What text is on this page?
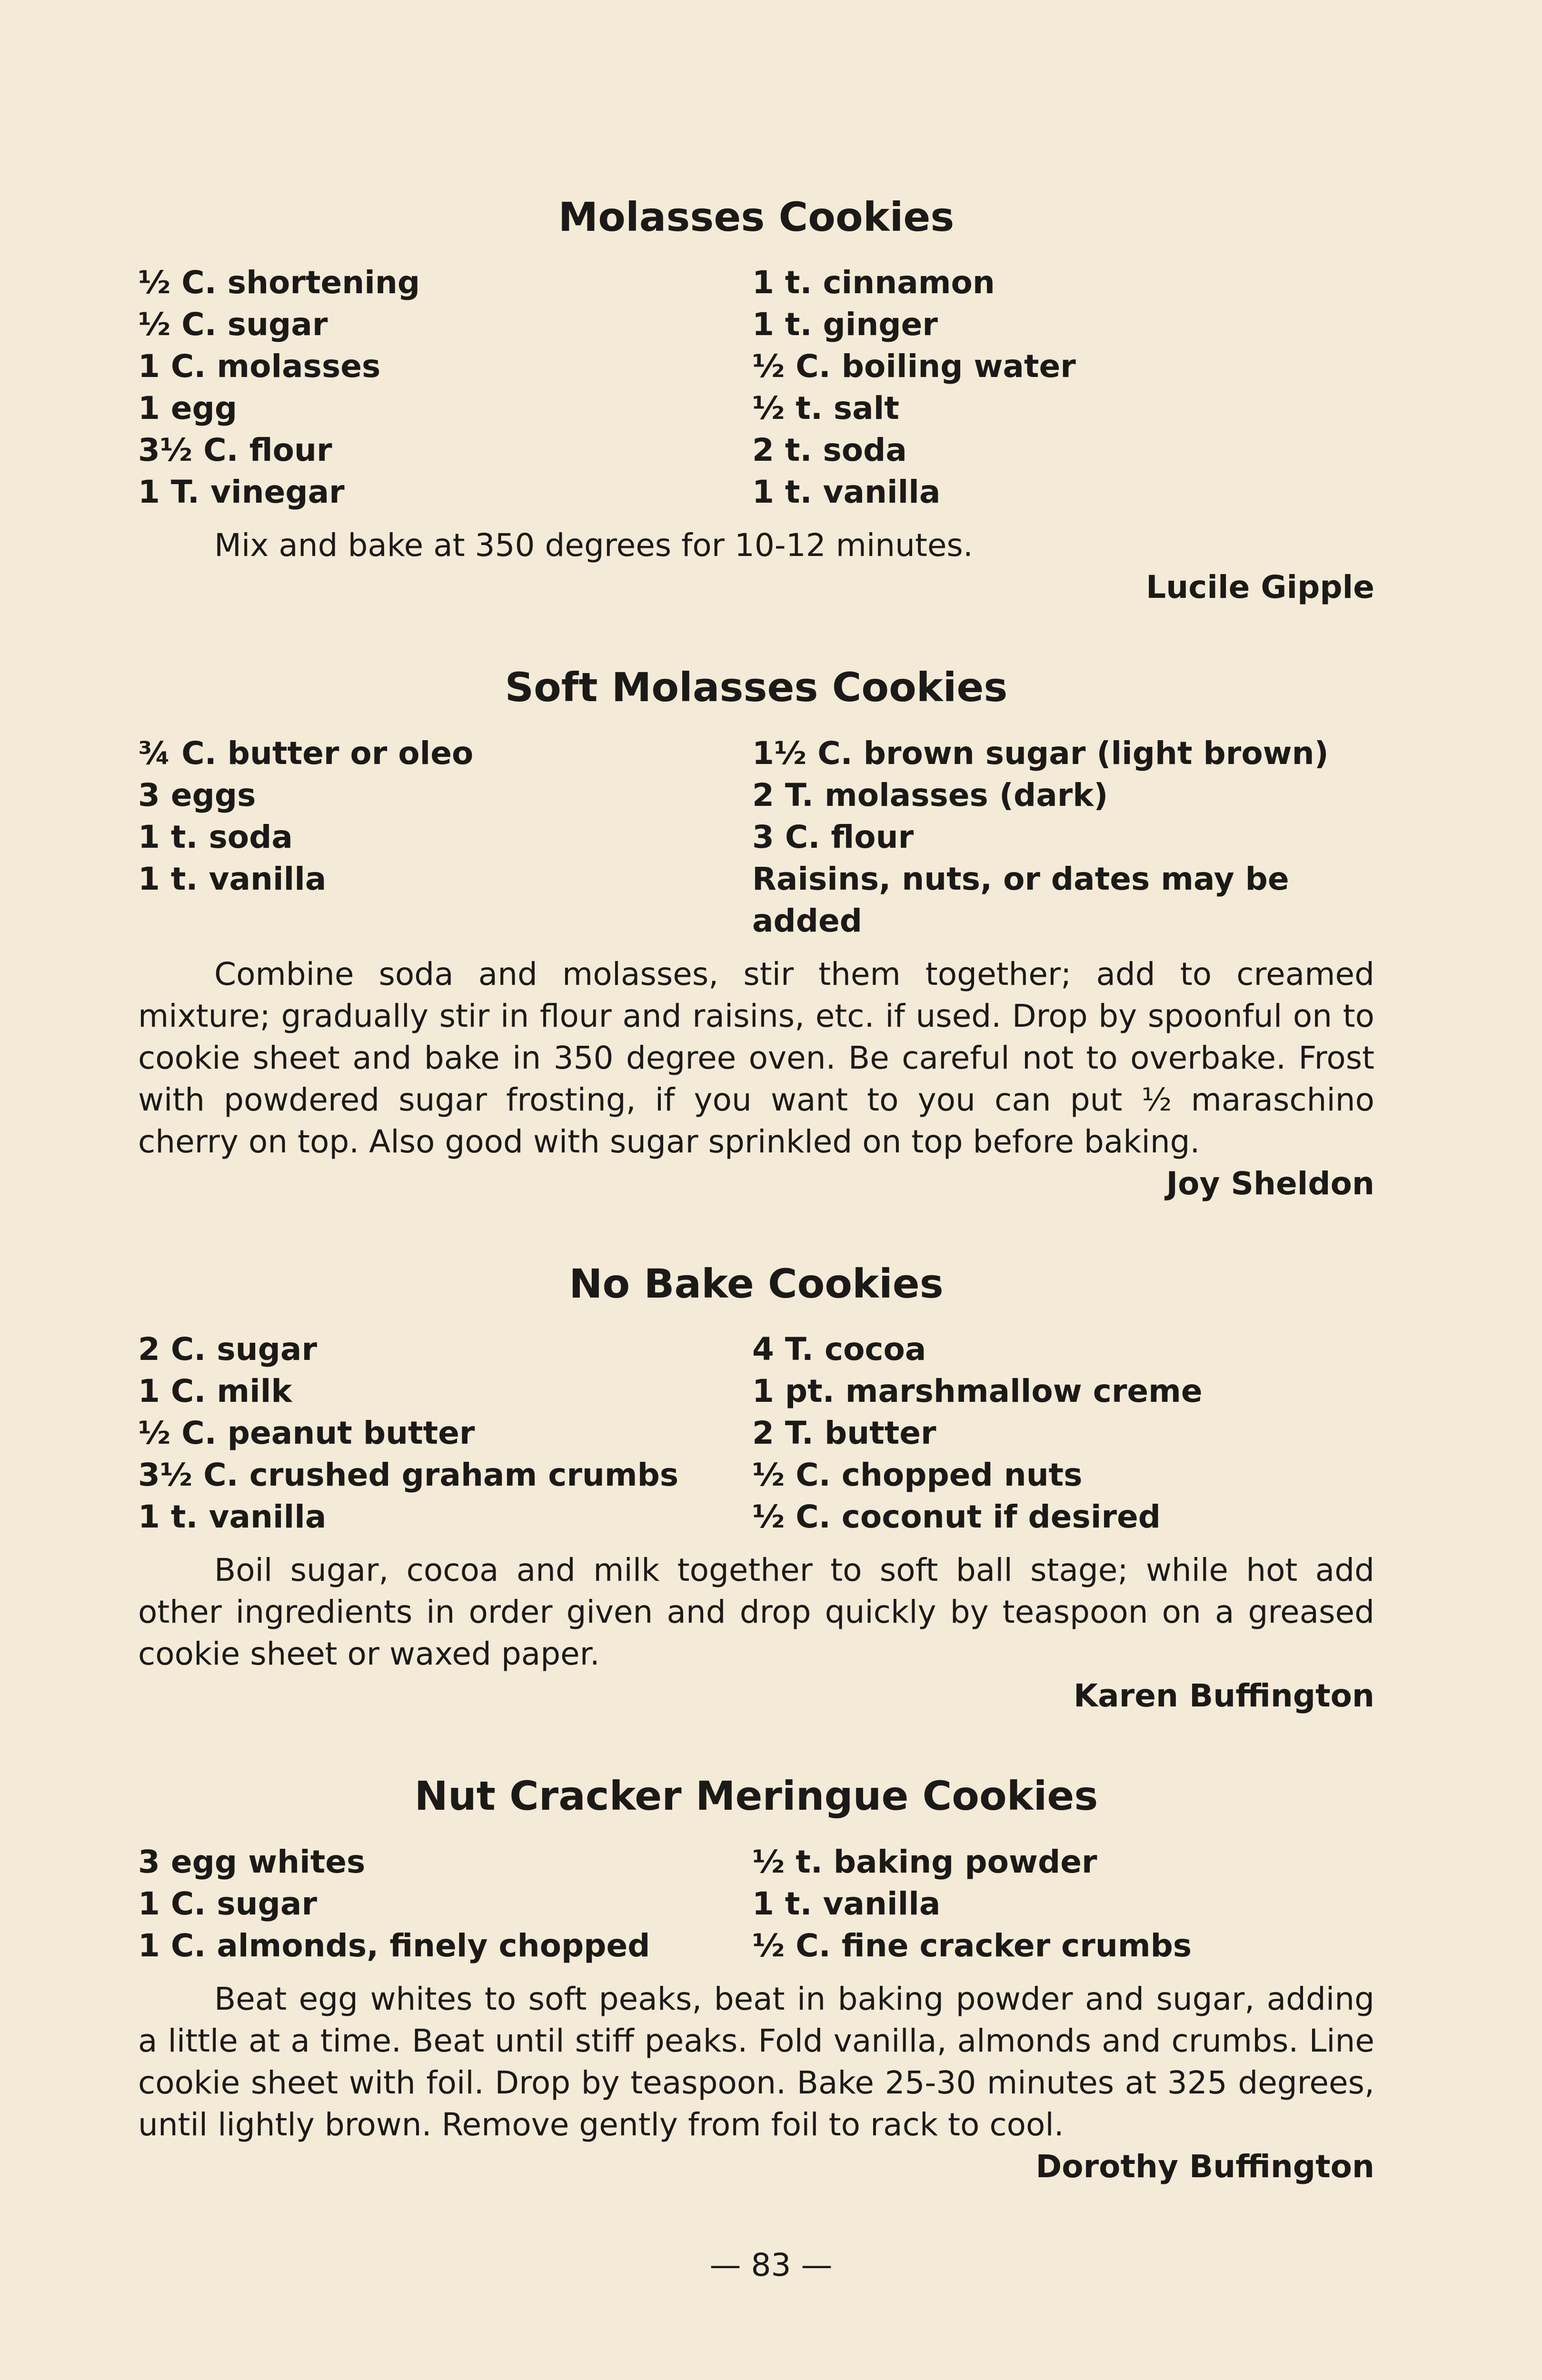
Molasses Cookies
½ C. shortening
½ C. sugar
1 C. molasses
1 egg
3½ C. flour
1 T. vinegar
1 t. cinnamon
1 t. ginger
½ C. boiling water
½ t. salt
2 t. soda
1 t. vanilla

Mix and bake at 350 degrees for 10-12 minutes.

Lucile Gipple

Soft Molasses Cookies
¾ C. butter or oleo
3 eggs
1 t. soda
1 t. vanilla
1½ C. brown sugar (light brown)
2 T. molasses (dark)
3 C. flour
Raisins, nuts, or dates may be added

Combine soda and molasses, stir them together; add to creamed mixture; gradually stir in flour and raisins, etc. if used. Drop by spoonful on to cookie sheet and bake in 350 degree oven. Be careful not to overbake. Frost with powdered sugar frosting, if you want to you can put ½ maraschino cherry on top. Also good with sugar sprinkled on top before baking.

Joy Sheldon

No Bake Cookies
2 C. sugar
1 C. milk
½ C. peanut butter
3½ C. crushed graham crumbs
1 t. vanilla
4 T. cocoa
1 pt. marshmallow creme
2 T. butter
½ C. chopped nuts
½ C. coconut if desired

Boil sugar, cocoa and milk together to soft ball stage; while hot add other ingredients in order given and drop quickly by teaspoon on a greased cookie sheet or waxed paper.

Karen Buffington

Nut Cracker Meringue Cookies
3 egg whites
1 C. sugar
1 C. almonds, finely chopped
½ t. baking powder
1 t. vanilla
½ C. fine cracker crumbs

Beat egg whites to soft peaks, beat in baking powder and sugar, adding a little at a time. Beat until stiff peaks. Fold vanilla, almonds and crumbs. Line cookie sheet with foil. Drop by teaspoon. Bake 25-30 minutes at 325 degrees, until lightly brown. Remove gently from foil to rack to cool.

Dorothy Buffington

— 83 —
